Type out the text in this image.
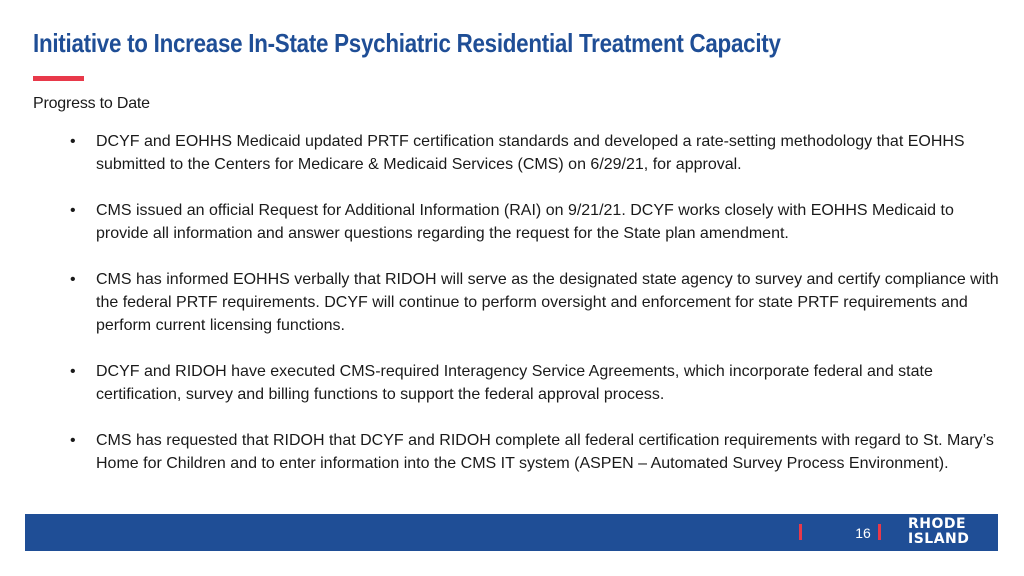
Initiative to Increase In-State Psychiatric Residential Treatment Capacity
Progress to Date
•	DCYF and EOHHS Medicaid updated PRTF certification standards and developed a rate-setting methodology that EOHHS submitted to the Centers for Medicare & Medicaid Services (CMS) on 6/29/21, for approval.
•	CMS issued an official Request for Additional Information (RAI) on 9/21/21. DCYF works closely with EOHHS Medicaid to provide all information and answer questions regarding the request for the State plan amendment.
•	CMS has informed EOHHS verbally that RIDOH will serve as the designated state agency to survey and certify compliance with the federal PRTF requirements. DCYF will continue to perform oversight and enforcement for state PRTF requirements and perform current licensing functions.
•	DCYF and RIDOH have executed CMS-required Interagency Service Agreements, which incorporate federal and state certification, survey and billing functions to support the federal approval process.
•	CMS has requested that RIDOH that DCYF and RIDOH complete all federal certification requirements with regard to St. Mary’s Home for Children and to enter information into the CMS IT system (ASPEN – Automated Survey Process Environment).
16
RHODE
ISLAND
